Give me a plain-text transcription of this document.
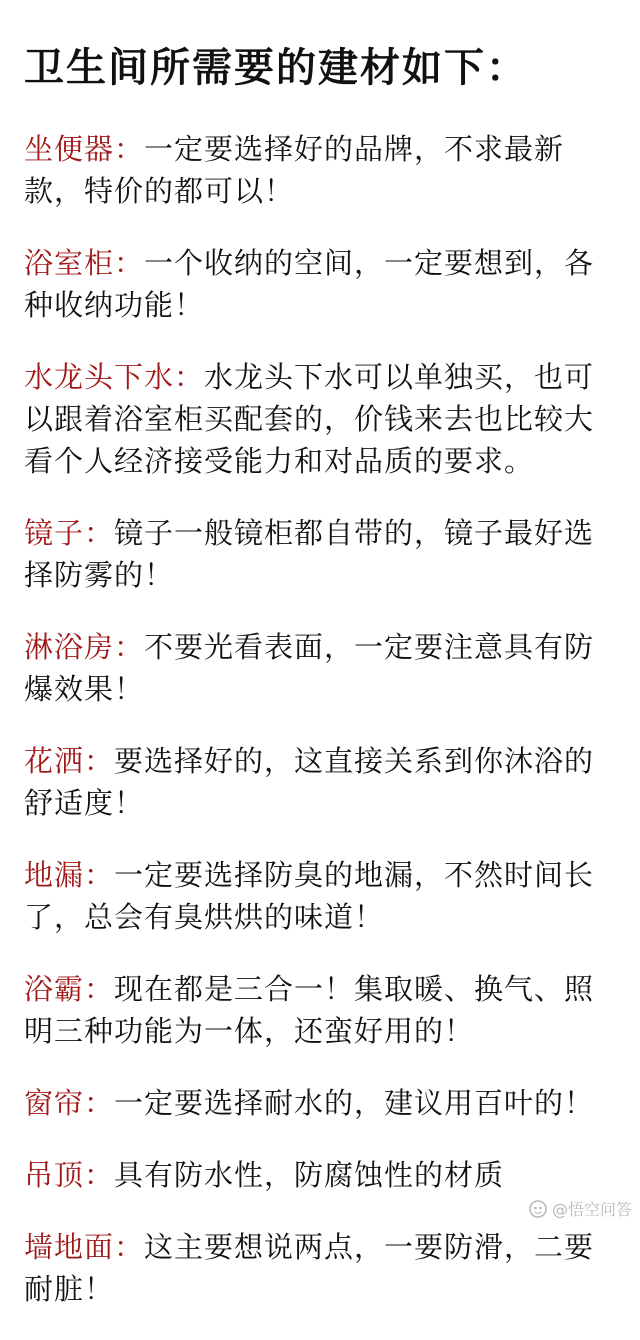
卫生间所需要的建材如下：
坐便器：一定要选择好的品牌，不求最新款，特价的都可以！
浴室柜：一个收纳的空间，一定要想到，各种收纳功能！
水龙头下水：水龙头下水可以单独买，也可以跟着浴室柜买配套的，价钱来去也比较大看个人经济接受能力和对品质的要求。
镜子：镜子一般镜柜都自带的，镜子最好选择防雾的！
淋浴房：不要光看表面，一定要注意具有防爆效果！
花洒：要选择好的，这直接关系到你沐浴的舒适度！
地漏：一定要选择防臭的地漏，不然时间长了，总会有臭烘烘的味道！
浴霸：现在都是三合一！集取暖、换气、照明三种功能为一体，还蛮好用的！
窗帘：一定要选择耐水的，建议用百叶的！
吊顶：具有防水性，防腐蚀性的材质
墙地面：这主要想说两点，一要防滑，二要耐脏！
@悟空问答
